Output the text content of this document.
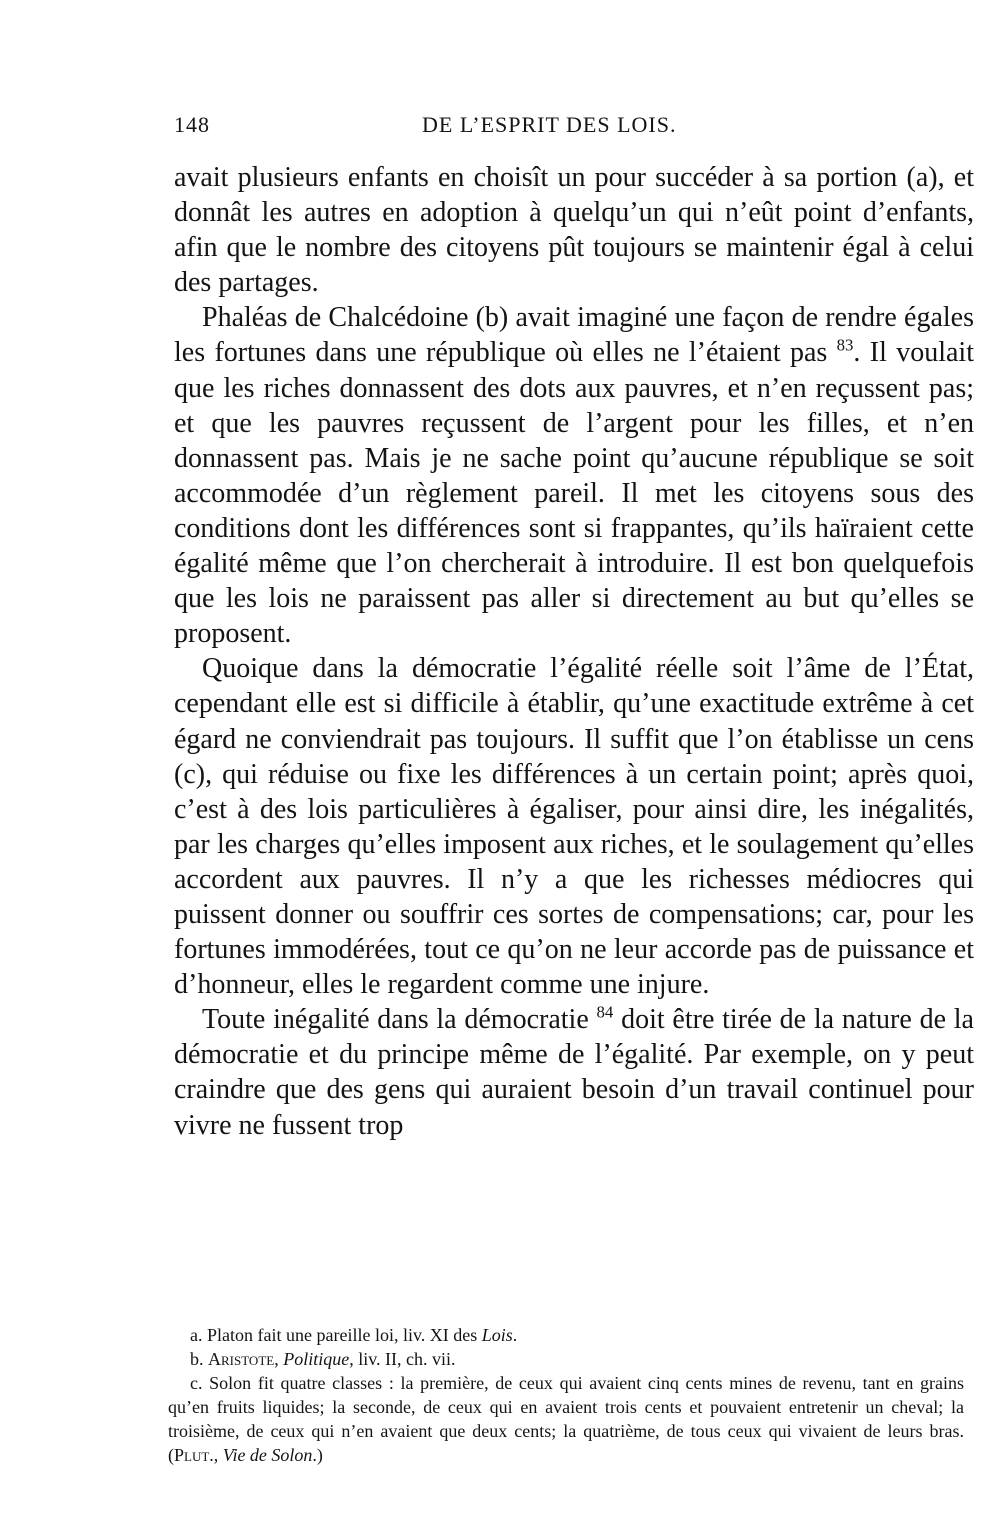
148	DE L’ESPRIT DES LOIS.

avait plusieurs enfants en choisît un pour succéder à sa portion (a), et donnât les autres en adoption à quelqu’un qui n’eût point d’enfants, afin que le nombre des citoyens pût toujours se maintenir égal à celui des partages.

Phaléas de Chalcédoine (b) avait imaginé une façon de rendre égales les fortunes dans une république où elles ne l’étaient pas $^{83}$. Il voulait que les riches donnassent des dots aux pauvres, et n’en reçussent pas; et que les pauvres reçussent de l’argent pour les filles, et n’en donnassent pas. Mais je ne sache point qu’aucune république se soit accommodée d’un règlement pareil. Il met les citoyens sous des conditions dont les différences sont si frappantes, qu’ils haïraient cette égalité même que l’on chercherait à introduire. Il est bon quelquefois que les lois ne paraissent pas aller si directement au but qu’elles se proposent.

Quoique dans la démocratie l’égalité réelle soit l’âme de l’État, cependant elle est si difficile à établir, qu’une exactitude extrême à cet égard ne conviendrait pas toujours. Il suffit que l’on établisse un cens (c), qui réduise ou fixe les différences à un certain point; après quoi, c’est à des lois particulières à égaliser, pour ainsi dire, les inégalités, par les charges qu’elles imposent aux riches, et le soulagement qu’elles accordent aux pauvres. Il n’y a que les richesses médiocres qui puissent donner ou souffrir ces sortes de compensations; car, pour les fortunes immodérées, tout ce qu’on ne leur accorde pas de puissance et d’honneur, elles le regardent comme une injure.

Toute inégalité dans la démocratie $^{84}$ doit être tirée de la nature de la démocratie et du principe même de l’égalité. Par exemple, on y peut craindre que des gens qui auraient besoin d’un travail continuel pour vivre ne fussent trop

a. Platon fait une pareille loi, liv. XI des Lois.

b. Aristote, Politique, liv. II, ch. vii.

c. Solon fit quatre classes : la première, de ceux qui avaient cinq cents mines de revenu, tant en grains qu’en fruits liquides; la seconde, de ceux qui en avaient trois cents et pouvaient entretenir un cheval; la troisième, de ceux qui n’en avaient que deux cents; la quatrième, de tous ceux qui vivaient de leurs bras. (Plut., Vie de Solon.)
